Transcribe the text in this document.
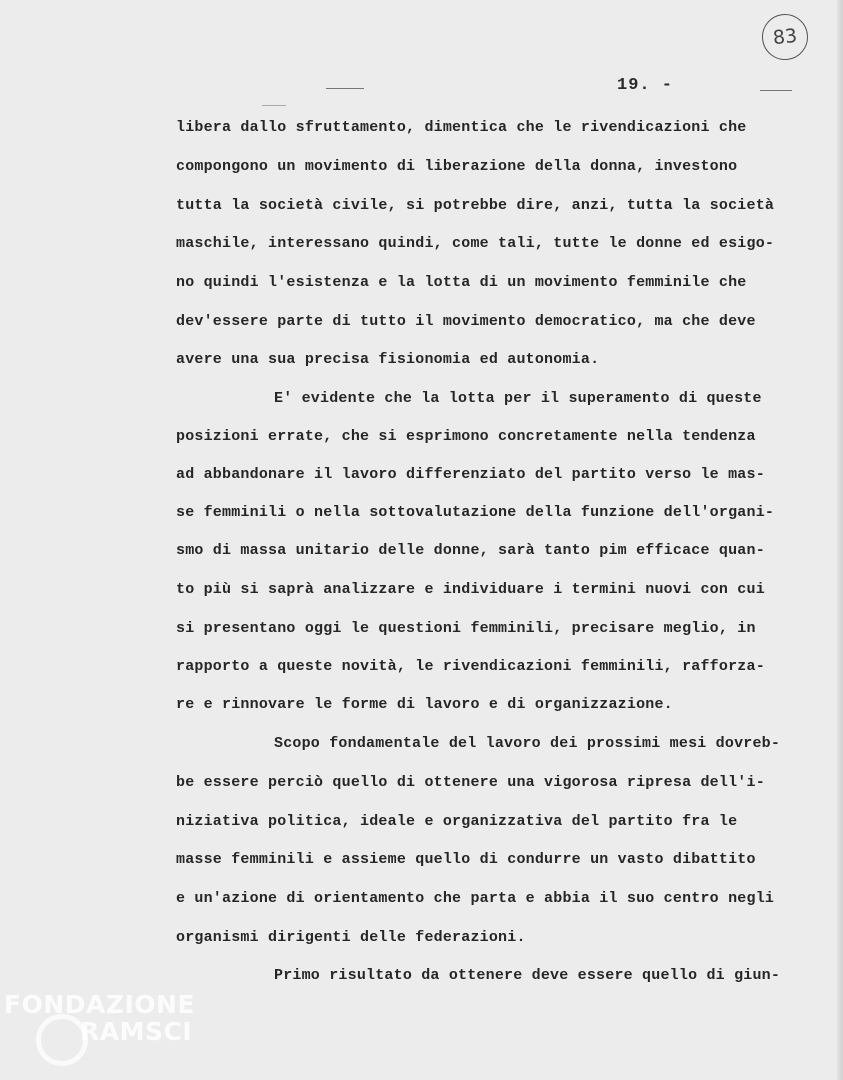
83
19. -
libera dallo sfruttamento, dimentica che le rivendicazioni che
compongono un movimento di liberazione della donna, investono
tutta la società civile, si potrebbe dire, anzi, tutta la società
maschile, interessano quindi, come tali, tutte le donne ed esigo-
no quindi l'esistenza e la lotta di un movimento femminile che
dev'essere parte di tutto il movimento democratico, ma che deve
avere una sua precisa fisionomia ed autonomia.
E' evidente che la lotta per il superamento di queste
posizioni errate, che si esprimono concretamente nella tendenza
ad abbandonare il lavoro differenziato del partito verso le mas-
se femminili o nella sottovalutazione della funzione dell'organi-
smo di massa unitario delle donne, sarà tanto pim efficace quan-
to più si saprà analizzare e individuare i termini nuovi con cui
si presentano oggi le questioni femminili, precisare meglio, in
rapporto a queste novità, le rivendicazioni femminili, rafforza-
re e rinnovare le forme di lavoro e di organizzazione.
Scopo fondamentale del lavoro dei prossimi mesi dovreb-
be essere perciò quello di ottenere una vigorosa ripresa dell'i-
niziativa politica, ideale e organizzativa del partito fra le
masse femminili e assieme quello di condurre un vasto dibattito
e un'azione di orientamento che parta e abbia il suo centro negli
organismi dirigenti delle federazioni.
Primo risultato da ottenere deve essere quello di giun-
FONDAZIONE
RAMSCI
